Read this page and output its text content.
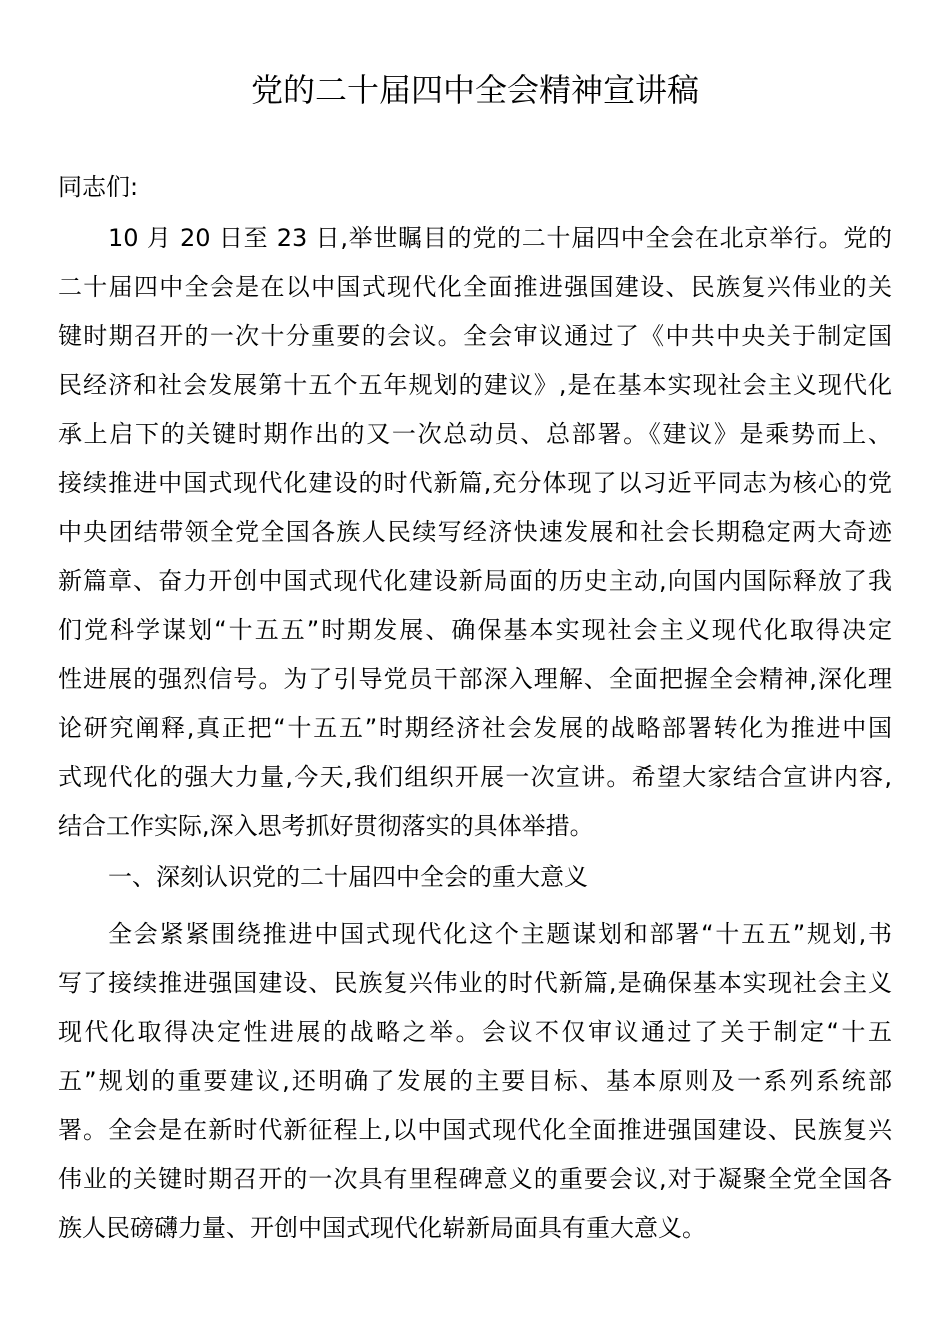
党的二十届四中全会精神宣讲稿
同志们:
10 月 20 日至 23 日,举世瞩目的党的二十届四中全会在北京举行。党的
二十届四中全会是在以中国式现代化全面推进强国建设、民族复兴伟业的关
键时期召开的一次十分重要的会议。全会审议通过了《中共中央关于制定国
民经济和社会发展第十五个五年规划的建议》,是在基本实现社会主义现代化
承上启下的关键时期作出的又一次总动员、总部署。《建议》是乘势而上、
接续推进中国式现代化建设的时代新篇,充分体现了以习近平同志为核心的党
中央团结带领全党全国各族人民续写经济快速发展和社会长期稳定两大奇迹
新篇章、奋力开创中国式现代化建设新局面的历史主动,向国内国际释放了我
们党科学谋划“十五五”时期发展、确保基本实现社会主义现代化取得决定
性进展的强烈信号。为了引导党员干部深入理解、全面把握全会精神,深化理
论研究阐释,真正把“十五五”时期经济社会发展的战略部署转化为推进中国
式现代化的强大力量,今天,我们组织开展一次宣讲。希望大家结合宣讲内容,
结合工作实际,深入思考抓好贯彻落实的具体举措。
一、深刻认识党的二十届四中全会的重大意义
全会紧紧围绕推进中国式现代化这个主题谋划和部署“十五五”规划,书
写了接续推进强国建设、民族复兴伟业的时代新篇,是确保基本实现社会主义
现代化取得决定性进展的战略之举。会议不仅审议通过了关于制定“十五
五”规划的重要建议,还明确了发展的主要目标、基本原则及一系列系统部
署。全会是在新时代新征程上,以中国式现代化全面推进强国建设、民族复兴
伟业的关键时期召开的一次具有里程碑意义的重要会议,对于凝聚全党全国各
族人民磅礴力量、开创中国式现代化崭新局面具有重大意义。
